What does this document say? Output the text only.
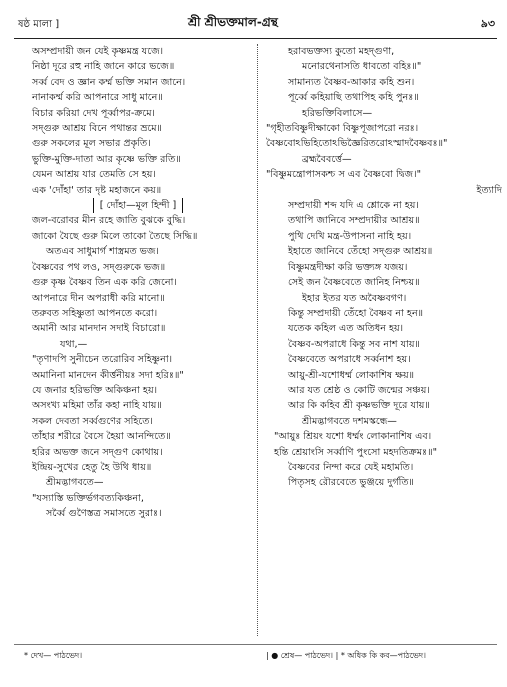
ষষ্ঠ মালা ]	শ্রী শ্রীভক্তমাল-গ্রন্থ	৯৩
অসম্প্রদায়ী জন যেই কৃষ্ণমন্ত্র যজে।
নিষ্ঠা দূরে রহু নাহি জানে কারে ভজে॥
সর্ব্ব বেদ ও জ্ঞান কর্ম্ম ভক্তি সমান জানে।
নানাকর্ম্ম করি আপনারে সাধু মানে॥
বিচার করিয়া দেখ পূর্ব্বাপর-ক্রমে।
সদ্গুরু আশ্রয় বিনে পথান্তর ভ্রমে॥
গুরু সকলের মূল সভার প্রকৃতি।
ভুক্তি-মুক্তি-দাতা আর কৃষ্ণে ভক্তি রতি॥
যেমন আশ্রয় যার তেমতি সে হয়।
এক 'দোঁহা' তার দৃষ্ট মহাজনে কয়॥
[ দোঁহা—মূল হিন্দী ]
জল-বরোবর মীন রহে জাতি বুঝকে বুদ্ধি।
জাকো যৈছে গুরু মিলে তাকো তৈছে সিদ্ধি॥
অতএব সাধুমার্গ শাস্ত্রমত ভজ।
বৈষ্ণবের পথ লও, সদ্গুরুকে ভজ॥
গুরু কৃষ্ণ বৈষ্ণব তিন এক করি জেনো।
আপনারে দীন অপরাধী করি মানো॥
তরুবত সহিষ্ণুতা আপনতে করো।
অমানী আর মানদান সদাই বিচারো॥
যথা,—
"তৃণাদপি সুনীচেন তরোরিব সহিষ্ণুনা।
অমানিনা মানদেন কীর্ত্তনীয়ঃ সদা হরিঃ॥"
যে জনার হরিভক্তি অকিঞ্চনা হয়।
অসংখ্য মহিমা তাঁর কহা নাহি যায়॥
সকল দেবতা সর্ব্বগুণের সহিতে।
তাঁহার শরীরে বৈসে হৈয়া আনন্দিতে॥
হরির অভক্ত জনে সদ্গুণ কোথায়।
ইন্দ্রিয়-সুখের হেতু হৈ উথি ধায়॥
শ্রীমদ্ভাগবতে—
"যস্যাস্তি ভক্তির্ভগবত্যকিঞ্চনা,
সর্ব্বৈ গুণৈস্তত্র সমাসতে সুরাঃ।
হরাবভক্তস্য কুতো মহদ্গুণা,
মনোরথেনাসতি ধাবতো বহিঃ॥"
সামান্যত বৈষ্ণব-আকার কহি শুন।
পূর্ব্বে কহিয়াছি তথাপিহ কহি পুনঃ॥
হরিভক্তিবিলাসে—
"গৃহীতবিষ্ণুদীক্ষাকো বিষ্ণুপূজাপরো নরঃ।
বৈষ্ণবোঽভিহিতোঽভিজ্ঞৈরিতরোঽস্মাদবৈষ্ণবঃ॥"
ব্রহ্মবৈবর্ত্তে—
"বিষ্ণুমন্ত্রোপাসকশ্চ স এব বৈষ্ণবো দ্বিজ।"
ইত্যাদি
সম্প্রদায়ী শব্দ যদি এ শ্লোকে না হয়।
তথাপি জানিবে সম্প্রদায়ীর আশ্রয়॥
পুথি দেখি মন্ত্র-উপাসনা নাহি হয়।
ইহাতে জানিবে তেঁহো সদ্গুরু আশ্রয়॥
বিষ্ণুমন্ত্রদীক্ষা করি ভক্ত্যঙ্গ যজয়।
সেই জন বৈষ্ণবেতে জানিহ নিশ্চয়॥
ইহার ইতর যত অবৈষ্ণবগণ।
কিন্তু সম্প্রদায়ী তেঁহো বৈষ্ণব না হন॥
যতেক কহিল এত অতিধন হয়।
বৈষ্ণব-অপরাধে কিন্তু সব নাশ যায়॥
বৈষ্ণবেতে অপরাধে সর্ব্বনাশ হয়।
আয়ু-শ্রী-যশোধর্ম্ম লোকাশিষ ক্ষয়॥
আর যত শ্রেষ্ঠ ও কোটি জন্মের সঞ্চয়।
আর কি কহিব শ্রী কৃষ্ণভক্তি দূরে যায়॥
শ্রীমদ্ভাগবতে দশমস্কন্ধে—
"আয়ুঃ শ্রিয়ং যশো ধর্ম্মং লোকানাশিষ এব।
হন্তি শ্রেয়াংসি সর্ব্বাণি পুংসো মহদতিক্রমঃ॥"
বৈষ্ণবের নিন্দা করে যেই মহামতি।
পিতৃসহ রৌরবেতে ভুঞ্জয়ে দুর্গতি॥
* দেখ— পাঠভেদ।	| ● শ্রেষ— পাঠভেদ। | * অধিক কি কব—পাঠভেদ।
